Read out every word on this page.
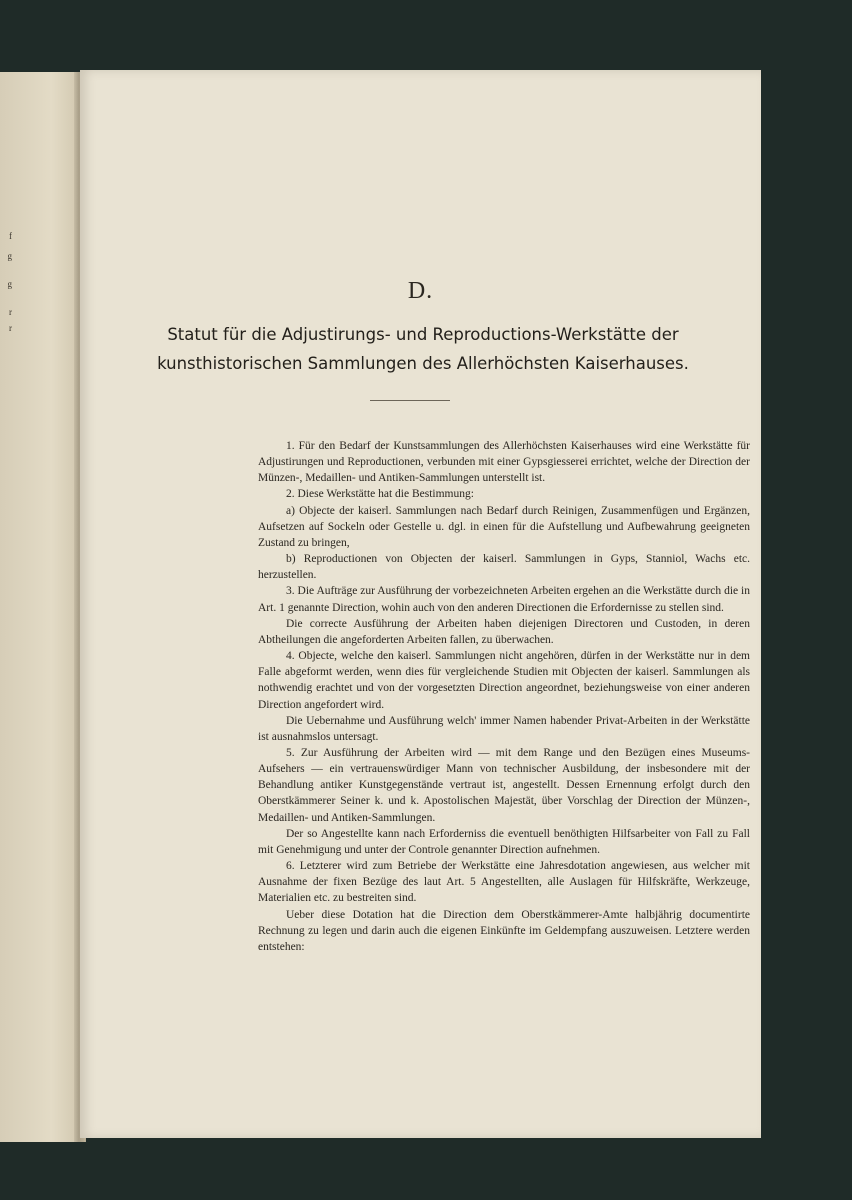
f
g
g
r
r
D.
Statut für die Adjustirungs- und Reproductions-Werkstätte der
kunsthistorischen Sammlungen des Allerhöchsten Kaiserhauses.

1. Für den Bedarf der Kunstsammlungen des Allerhöchsten Kaiserhauses wird eine Werkstätte für Adjustirungen und Reproductionen, verbunden mit einer Gypsgiesserei errichtet, welche der Direction der Münzen-, Medaillen- und Antiken-Sammlungen unterstellt ist.

2. Diese Werkstätte hat die Bestimmung:

a) Objecte der kaiserl. Sammlungen nach Bedarf durch Reinigen, Zusammenfügen und Ergänzen, Aufsetzen auf Sockeln oder Gestelle u. dgl. in einen für die Aufstellung und Aufbewahrung geeigneten Zustand zu bringen,

b) Reproductionen von Objecten der kaiserl. Sammlungen in Gyps, Stanniol, Wachs etc. herzustellen.

3. Die Aufträge zur Ausführung der vorbezeichneten Arbeiten ergehen an die Werkstätte durch die in Art. 1 genannte Direction, wohin auch von den anderen Directionen die Erfordernisse zu stellen sind.

Die correcte Ausführung der Arbeiten haben diejenigen Directoren und Custoden, in deren Abtheilungen die angeforderten Arbeiten fallen, zu überwachen.

4. Objecte, welche den kaiserl. Sammlungen nicht angehören, dürfen in der Werkstätte nur in dem Falle abgeformt werden, wenn dies für vergleichende Studien mit Objecten der kaiserl. Sammlungen als nothwendig erachtet und von der vorgesetzten Direction angeordnet, beziehungsweise von einer anderen Direction angefordert wird.

Die Uebernahme und Ausführung welch' immer Namen habender Privat-Arbeiten in der Werkstätte ist ausnahmslos untersagt.

5. Zur Ausführung der Arbeiten wird — mit dem Range und den Bezügen eines Museums-Aufsehers — ein vertrauenswürdiger Mann von technischer Ausbildung, der insbesondere mit der Behandlung antiker Kunstgegenstände vertraut ist, angestellt. Dessen Ernennung erfolgt durch den Oberstkämmerer Seiner k. und k. Apostolischen Majestät, über Vorschlag der Direction der Münzen-, Medaillen- und Antiken-Sammlungen.

Der so Angestellte kann nach Erforderniss die eventuell benöthigten Hilfsarbeiter von Fall zu Fall mit Genehmigung und unter der Controle genannter Direction aufnehmen.

6. Letzterer wird zum Betriebe der Werkstätte eine Jahresdotation angewiesen, aus welcher mit Ausnahme der fixen Bezüge des laut Art. 5 Angestellten, alle Auslagen für Hilfskräfte, Werkzeuge, Materialien etc. zu bestreiten sind.

Ueber diese Dotation hat die Direction dem Oberstkämmerer-Amte halbjährig documentirte Rechnung zu legen und darin auch die eigenen Einkünfte im Geldempfang auszuweisen. Letztere werden entstehen:
